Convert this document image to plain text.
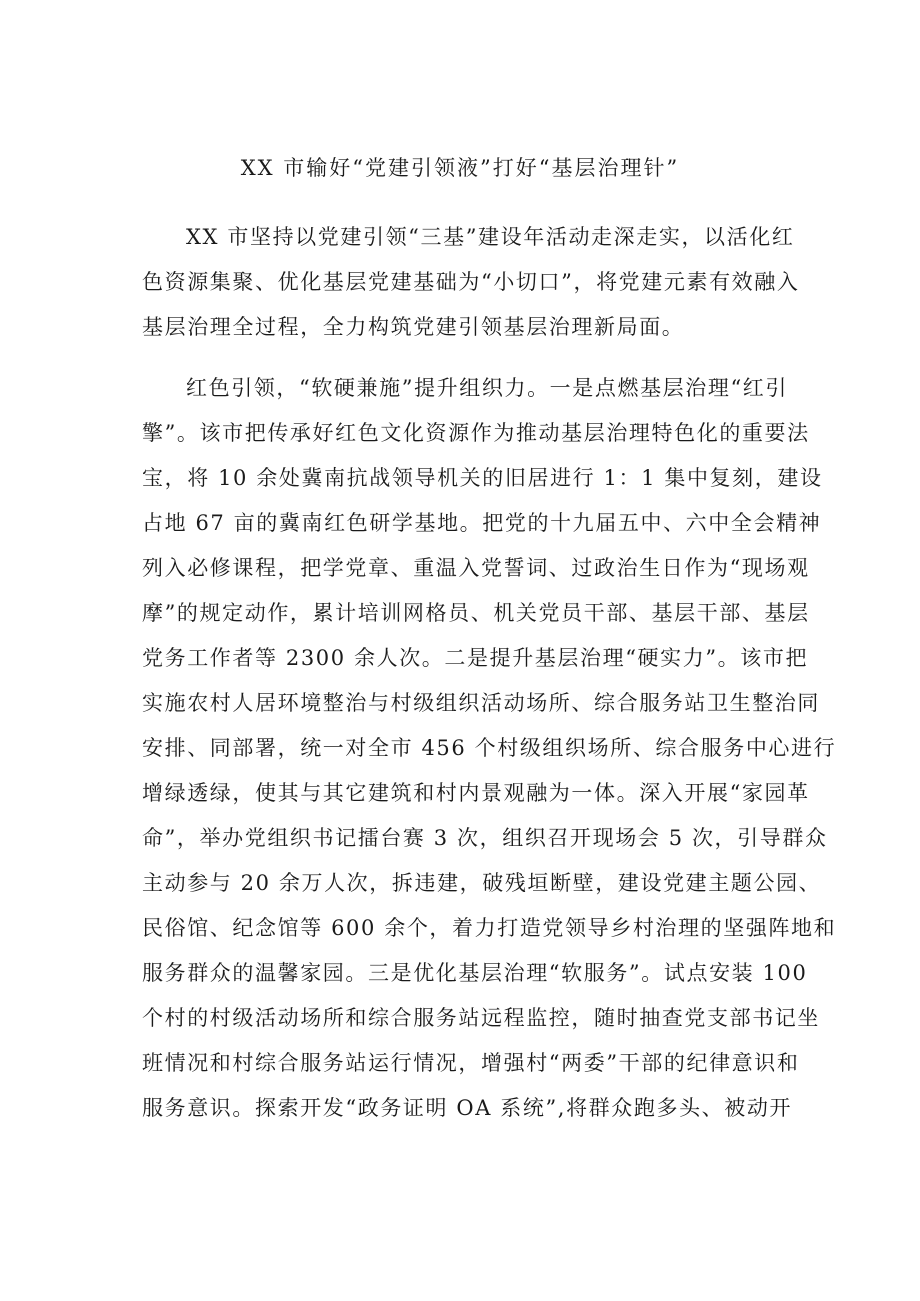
XX 市输好“党建引领液”打好“基层治理针”
XX 市坚持以党建引领“三基”建设年活动走深走实，以活化红
色资源集聚、优化基层党建基础为“小切口”，将党建元素有效融入
基层治理全过程，全力构筑党建引领基层治理新局面。
红色引领，“软硬兼施”提升组织力。一是点燃基层治理“红引
擎”。该市把传承好红色文化资源作为推动基层治理特色化的重要法
宝，将 10 余处冀南抗战领导机关的旧居进行 1：1 集中复刻，建设
占地 67 亩的冀南红色研学基地。把党的十九届五中、六中全会精神
列入必修课程，把学党章、重温入党誓词、过政治生日作为“现场观
摩”的规定动作，累计培训网格员、机关党员干部、基层干部、基层
党务工作者等 2300 余人次。二是提升基层治理“硬实力”。该市把
实施农村人居环境整治与村级组织活动场所、综合服务站卫生整治同
安排、同部署，统一对全市 456 个村级组织场所、综合服务中心进行
增绿透绿，使其与其它建筑和村内景观融为一体。深入开展“家园革
命”，举办党组织书记擂台赛 3 次，组织召开现场会 5 次，引导群众
主动参与 20 余万人次，拆违建，破残垣断壁，建设党建主题公园、
民俗馆、纪念馆等 600 余个，着力打造党领导乡村治理的坚强阵地和
服务群众的温馨家园。三是优化基层治理“软服务”。试点安装 100
个村的村级活动场所和综合服务站远程监控，随时抽查党支部书记坐
班情况和村综合服务站运行情况，增强村“两委”干部的纪律意识和
服务意识。探索开发“政务证明 OA 系统”,将群众跑多头、被动开
